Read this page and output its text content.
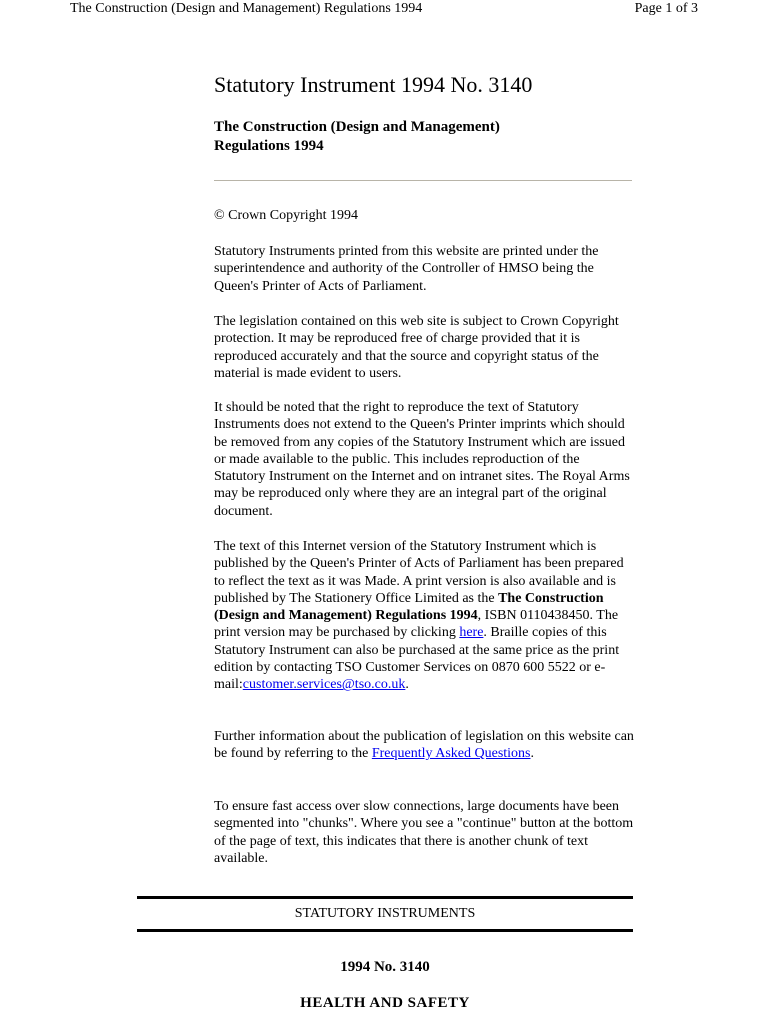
The Construction (Design and Management) Regulations 1994	Page 1 of 3
Statutory Instrument 1994 No. 3140
The Construction (Design and Management)
Regulations 1994

© Crown Copyright 1994

Statutory Instruments printed from this website are printed under the superintendence and authority of the Controller of HMSO being the Queen's Printer of Acts of Parliament.

The legislation contained on this web site is subject to Crown Copyright protection. It may be reproduced free of charge provided that it is reproduced accurately and that the source and copyright status of the material is made evident to users.

It should be noted that the right to reproduce the text of Statutory Instruments does not extend to the Queen's Printer imprints which should be removed from any copies of the Statutory Instrument which are issued or made available to the public. This includes reproduction of the Statutory Instrument on the Internet and on intranet sites. The Royal Arms may be reproduced only where they are an integral part of the original document.

The text of this Internet version of the Statutory Instrument which is published by the Queen's Printer of Acts of Parliament has been prepared to reflect the text as it was Made. A print version is also available and is published by The Stationery Office Limited as the The Construction (Design and Management) Regulations 1994, ISBN 0110438450. The print version may be purchased by clicking here. Braille copies of this Statutory Instrument can also be purchased at the same price as the print edition by contacting TSO Customer Services on 0870 600 5522 or e-mail:customer.services@tso.co.uk.

Further information about the publication of legislation on this website can be found by referring to the Frequently Asked Questions.

To ensure fast access over slow connections, large documents have been segmented into "chunks". Where you see a "continue" button at the bottom of the page of text, this indicates that there is another chunk of text available.

STATUTORY INSTRUMENTS
1994 No. 3140
HEALTH AND SAFETY
